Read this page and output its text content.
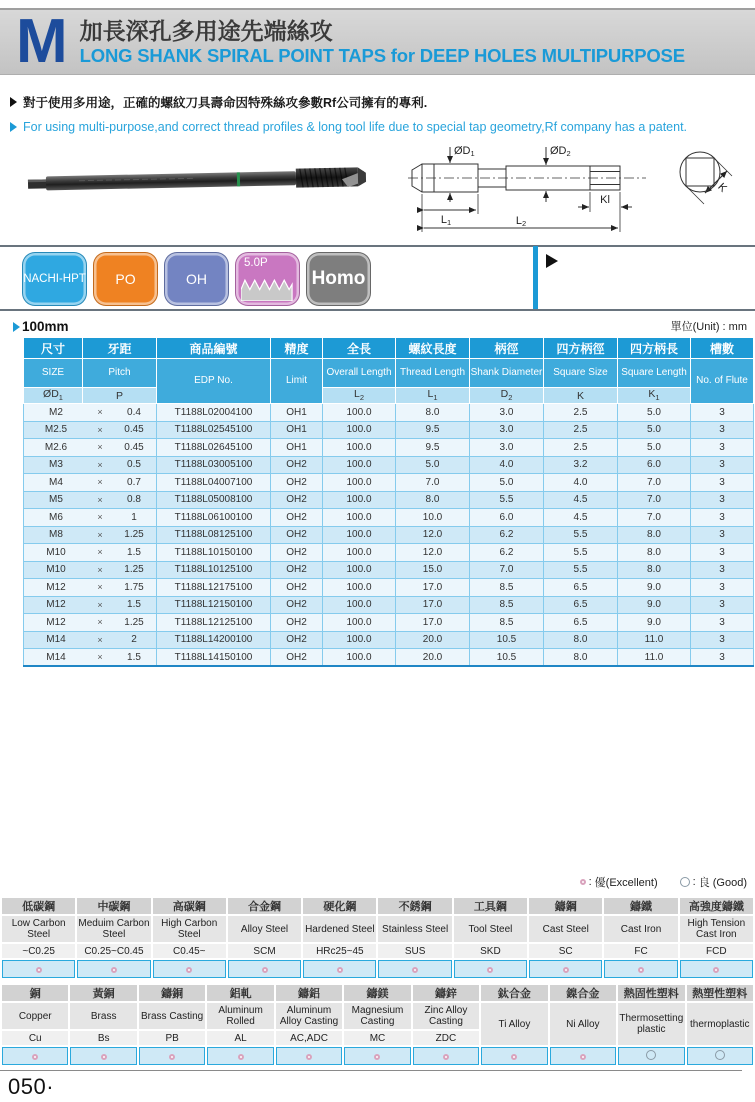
M 加長深孔多用途先端絲攻
LONG SHANK SPIRAL POINT TAPS for DEEP HOLES MULTIPURPOSE
對于使用多用途，正確的螺紋刀具壽命因特殊絲攻參數Rf公司擁有的專利.
For using multi-purpose,and correct thread profiles & long tool life due to special tap geometry,Rf company has a patent.
ØD1	ØD2
L1
Kl
L2
K
NACHI-HPT PO	OH
5.0P
Homo
100mm	單位(Unit) : mm
尺寸	牙距	商品編號	精度	全長	螺紋長度	柄徑	四方柄徑	四方柄長	槽數
SIZE	Pitch	EDP No.	Limit	Overall Length	Thread Length	Shank Diameter	Square Size	Square Length	No. of Flute
$ØD_1$	P			$L_2$	$L_1$	$D_2$	K	$K_1$

M2 × 0.4		T1188L02004100	OH1	100.0	8.0	3.0	2.5	5.0	3

M2.5 × 0.45		T1188L02545100	OH1	100.0	9.5	3.0	2.5	5.0	3

M2.6 × 0.45		T1188L02645100	OH1	100.0	9.5	3.0	2.5	5.0	3

M3 × 0.5		T1188L03005100	OH2	100.0	5.0	4.0	3.2	6.0	3

M4 × 0.7		T1188L04007100	OH2	100.0	7.0	5.0	4.0	7.0	3

M5 × 0.8		T1188L05008100	OH2	100.0	8.0	5.5	4.5	7.0	3

M6 × 1		T1188L06100100	OH2	100.0	10.0	6.0	4.5	7.0	3

M8 × 1.25		T1188L08125100	OH2	100.0	12.0	6.2	5.5	8.0	3

M10 × 1.5		T1188L10150100	OH2	100.0	12.0	6.2	5.5	8.0	3

M10 × 1.25		T1188L10125100	OH2	100.0	15.0	7.0	5.5	8.0	3

M12 × 1.75		T1188L12175100	OH2	100.0	17.0	8.5	6.5	9.0	3

M12 × 1.5		T1188L12150100	OH2	100.0	17.0	8.5	6.5	9.0	3

M12 × 1.25		T1188L12125100	OH2	100.0	17.0	8.5	6.5	9.0	3

M14 × 2		T1188L14200100	OH2	100.0	20.0	10.5	8.0	11.0	3

M14 × 1.5		T1188L14150100	OH2	100.0	20.0	10.5	8.0	11.0	3
: 優(Excellent)	: 良 (Good)
低碳鋼	中碳鋼	高碳鋼	合金鋼	硬化鋼	不銹鋼	工具鋼	鑄鋼	鑄鐵	高強度鑄鐵
Low Carbon Steel	Meduim Carbon Steel	High Carbon Steel	Alloy Steel	Hardened Steel	Stainless Steel	Tool Steel	Cast Steel	Cast Iron	High Tension Cast Iron
~C0.25	C0.25~C0.45	C0.45~	SCM	HRc25~45	SUS	SKD	SC	FC	FCD

銅	黃銅	鑄銅	鋁軋	鑄鋁	鑄鎂	鑄鋅	鈦合金	鎳合金	熱固性塑料	熱塑性塑料
Copper	Brass	Brass Casting	Aluminum Rolled	Aluminum Alloy Casting	Magnesium Casting	Zinc Alloy Casting	Ti Alloy	Ni Alloy	Thermosetting plastic	thermoplastic
Cu	Bs	PB	AL	AC,ADC	MC	ZDC				

050·
